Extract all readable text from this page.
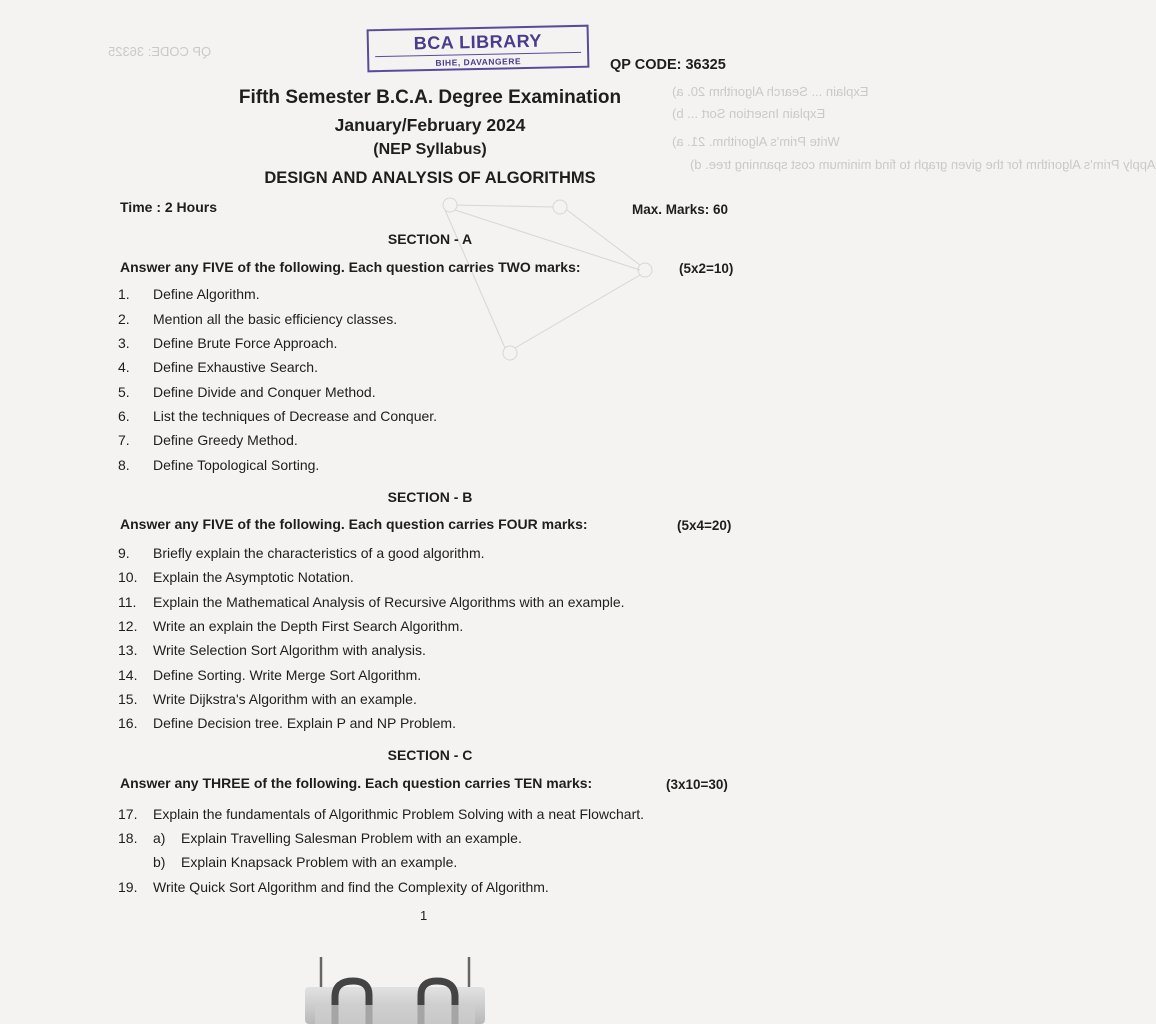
QP CODE: 36325
Explain ... Search Algorithm 20. a)
Explain Insertion Sort ... b)
Write Prim's Algorithm. 21. a)
Apply Prim's Algorithm for the given graph to find minimum cost spanning tree. d)
BCA LIBRARY
BIHE, DAVANGERE	QP CODE: 36325
Fifth Semester B.C.A. Degree Examination
January/February 2024
(NEP Syllabus)
DESIGN AND ANALYSIS OF ALGORITHMS
Time : 2 Hours	Max. Marks: 60
SECTION - A
Answer any FIVE of the following. Each question carries TWO marks:	(5x2=10)
1. Define Algorithm.
2. Mention all the basic efficiency classes.
3. Define Brute Force Approach.
4. Define Exhaustive Search.
5. Define Divide and Conquer Method.
6. List the techniques of Decrease and Conquer.
7. Define Greedy Method.
8. Define Topological Sorting.
SECTION - B
Answer any FIVE of the following. Each question carries FOUR marks:	(5x4=20)
9. Briefly explain the characteristics of a good algorithm.
10. Explain the Asymptotic Notation.
11. Explain the Mathematical Analysis of Recursive Algorithms with an example.
12. Write an explain the Depth First Search Algorithm.
13. Write Selection Sort Algorithm with analysis.
14. Define Sorting. Write Merge Sort Algorithm.
15. Write Dijkstra's Algorithm with an example.
16. Define Decision tree. Explain P and NP Problem.
SECTION - C
Answer any THREE of the following. Each question carries TEN marks:	(3x10=30)
17. Explain the fundamentals of Algorithmic Problem Solving with a neat Flowchart.
18. a) Explain Travelling Salesman Problem with an example.
b) Explain Knapsack Problem with an example.
19. Write Quick Sort Algorithm and find the Complexity of Algorithm.
1
